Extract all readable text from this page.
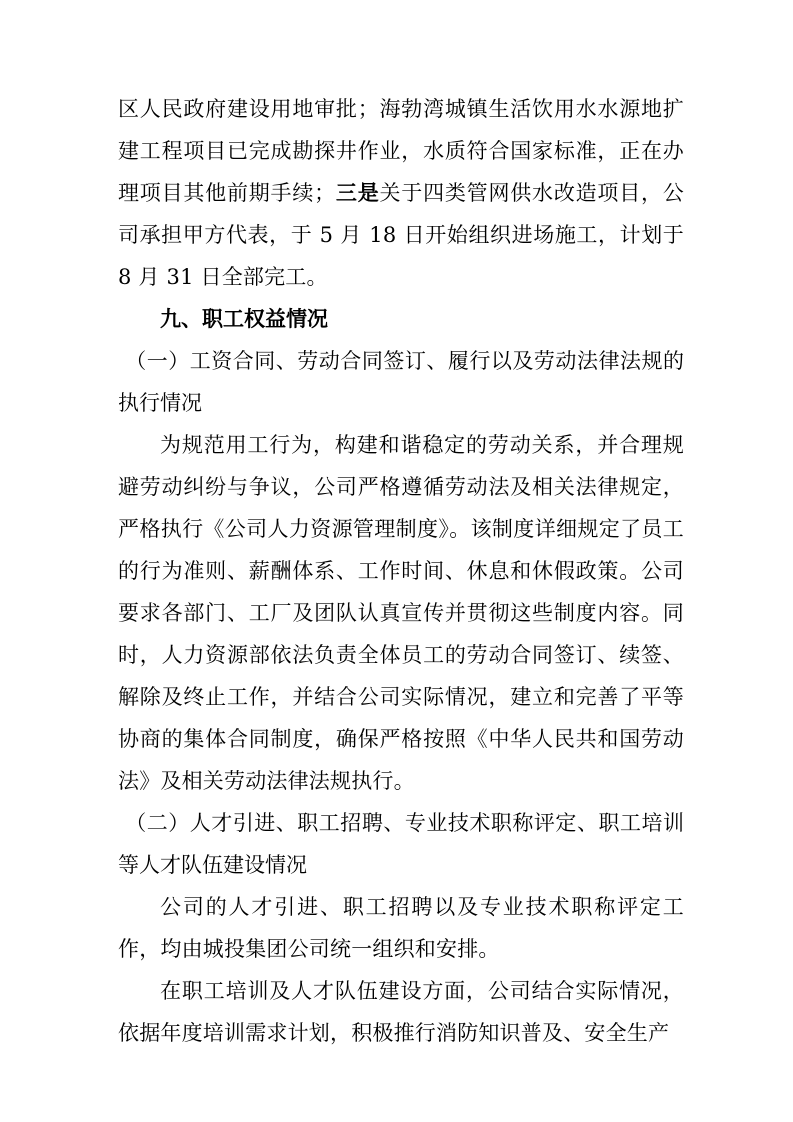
区人民政府建设用地审批；海勃湾城镇生活饮用水水源地扩建工程项目已完成勘探井作业，水质符合国家标准，正在办理项目其他前期手续；三是关于四类管网供水改造项目，公司承担甲方代表，于 5 月 18 日开始组织进场施工，计划于 8 月 31 日全部完工。

九、职工权益情况

（一）工资合同、劳动合同签订、履行以及劳动法律法规的执行情况

为规范用工行为，构建和谐稳定的劳动关系，并合理规避劳动纠纷与争议，公司严格遵循劳动法及相关法律规定，严格执行《公司人力资源管理制度》。该制度详细规定了员工的行为准则、薪酬体系、工作时间、休息和休假政策。公司要求各部门、工厂及团队认真宣传并贯彻这些制度内容。同时，人力资源部依法负责全体员工的劳动合同签订、续签、解除及终止工作，并结合公司实际情况，建立和完善了平等协商的集体合同制度，确保严格按照《中华人民共和国劳动法》及相关劳动法律法规执行。

（二）人才引进、职工招聘、专业技术职称评定、职工培训等人才队伍建设情况

公司的人才引进、职工招聘以及专业技术职称评定工作，均由城投集团公司统一组织和安排。

在职工培训及人才队伍建设方面，公司结合实际情况，依据年度培训需求计划，积极推行消防知识普及、安全生产
